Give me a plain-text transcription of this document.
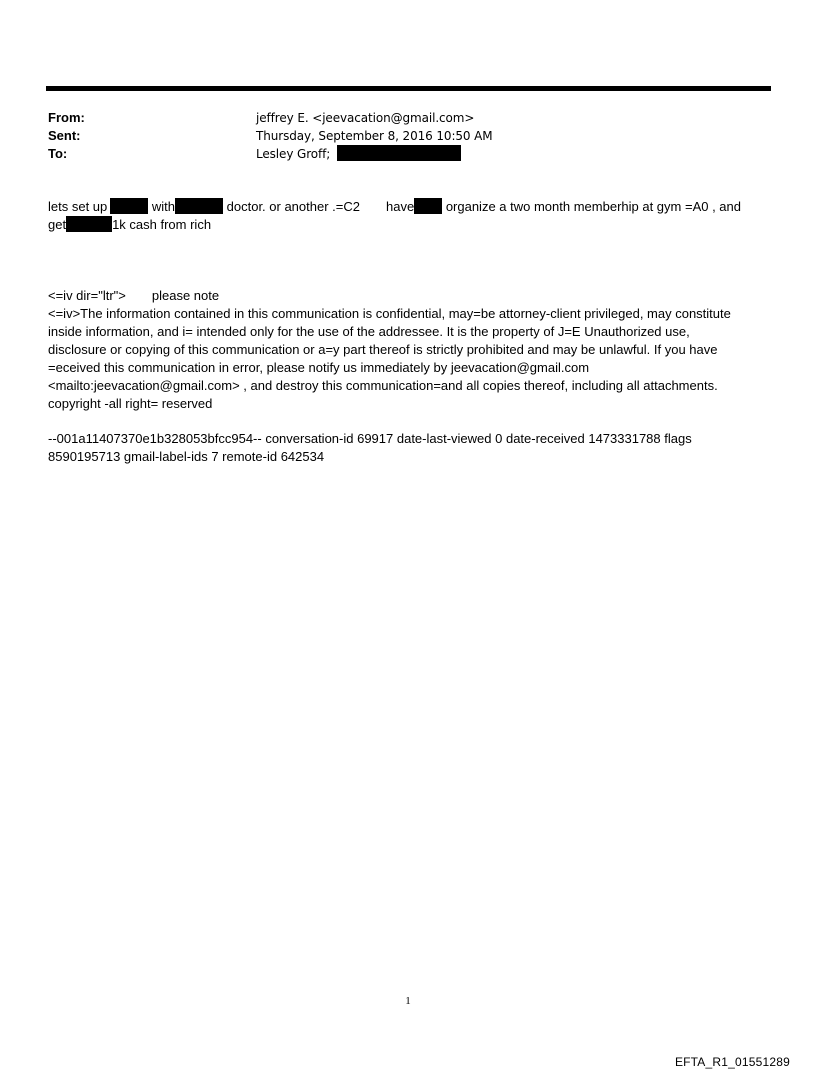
From:	jeffrey E. <jeevacation@gmail.com>
Sent:	Thursday, September 8, 2016 10:50 AM
To:	Lesley Groff;
lets set up	with	doctor. or another .=C2 have organize a two month memberhip at gym =A0 , and
get	1k cash from rich
<=iv dir="ltr"> please note
<=iv>The information contained in this communication is confidential, may=be attorney-client privileged, may constitute
inside information, and i= intended only for the use of the addressee. It is the property of J=E Unauthorized use,
disclosure or copying of this communication or a=y part thereof is strictly prohibited and may be unlawful. If you have
=eceived this communication in error, please notify us immediately by jeevacation@gmail.com
<mailto:jeevacation@gmail.com> , and destroy this communication=and all copies thereof, including all attachments.
copyright -all right= reserved
--001a11407370e1b328053bfcc954-- conversation-id 69917 date-last-viewed 0 date-received 1473331788 flags
8590195713 gmail-label-ids 7 remote-id 642534
1
EFTA_R1_01551289
